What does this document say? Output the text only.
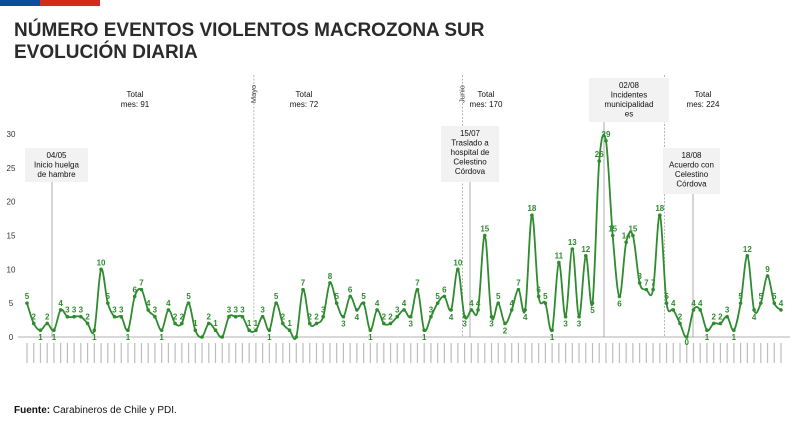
NÚMERO EVENTOS VIOLENTOS MACROZONA SUR
EVOLUCIÓN DIARIA
0
5
10
15
20
25
30
Mayo	Junio
Total
mes: 91
Total
mes: 72
Total
mes: 170
Total
mes: 224
04/05
Inicio huelga
de hambre
15/07
Traslado a
hospital de
Celestino
Córdova
02/08
Incidentes
municipalidad
es
18/08
Acuerdo con
Celestino
Córdova
5
2
1
2
1
4
3 3 3
2
1
10
5
3 3
1
6
7
4
3
1
4
2 2
5
1
2
1
3 3 3
1 1
3
1
5
2
1
7
2 2
3
8
5
3
6
4
5
1
4
2 2
3
4
3
7
1
3
5
6
4
10
3
4 4
15
3
5
2
4
7
4
18
6
5
1
11
3
13
3
12
5
26
29
15
6
14
15
8
7 7
18
5
4
2
0
4 4
1
2 2
3
1
5
12
4
5
9
5
4
Fuente: Carabineros de Chile y PDI.
